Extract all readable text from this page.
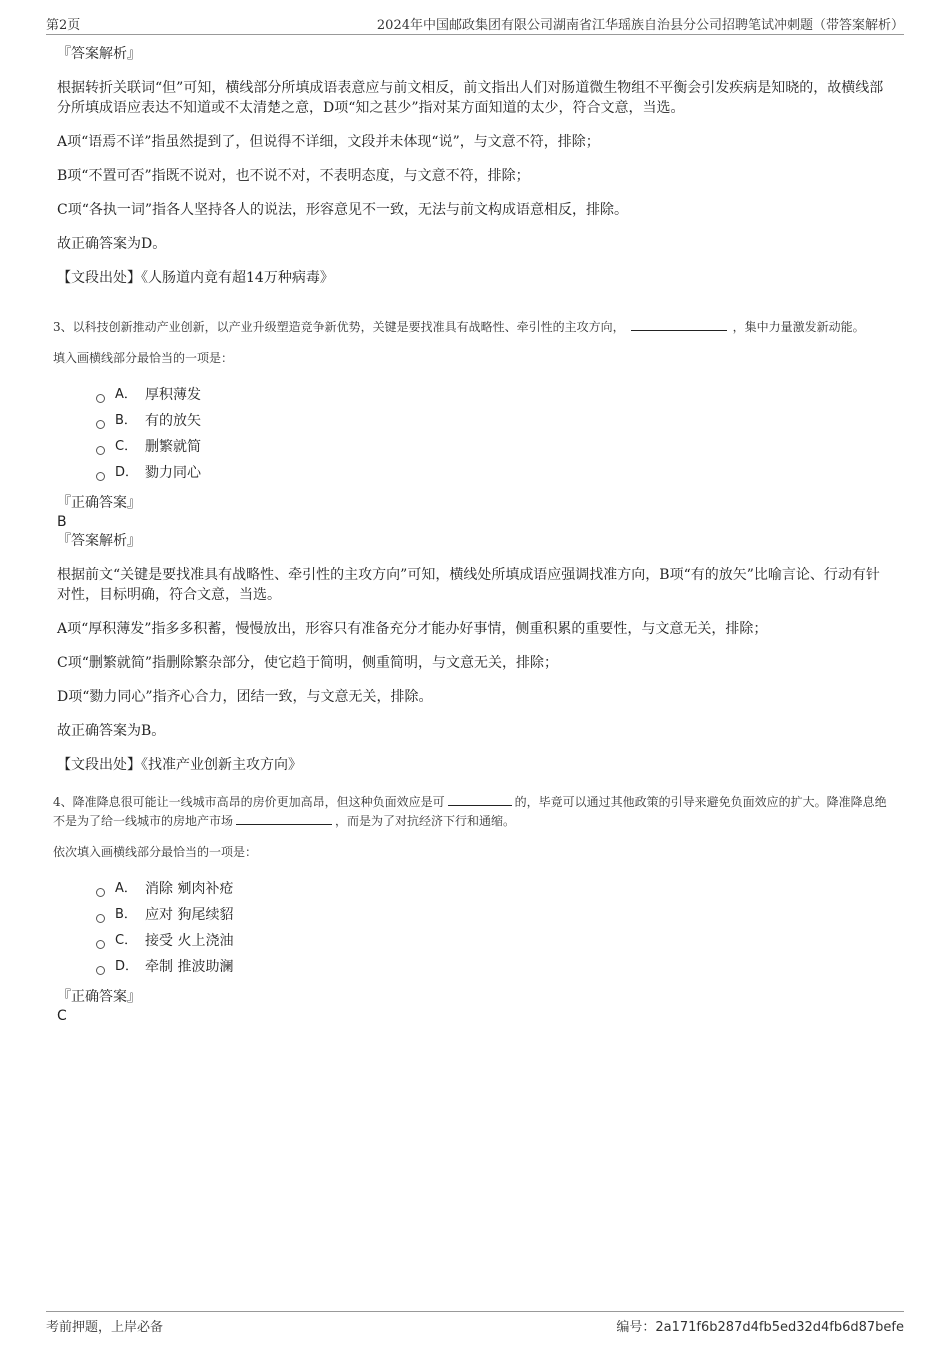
第2页	2024年中国邮政集团有限公司湖南省江华瑶族自治县分公司招聘笔试冲刺题（带答案解析）

『答案解析』

根据转折关联词“但”可知，横线部分所填成语表意应与前文相反，前文指出人们对肠道微生物组不平衡会引发疾病是知晓的，故横线部分所填成语应表达不知道或不太清楚之意，D项“知之甚少”指对某方面知道的太少，符合文意，当选。

A项“语焉不详”指虽然提到了，但说得不详细，文段并未体现“说”，与文意不符，排除；

B项“不置可否”指既不说对，也不说不对，不表明态度，与文意不符，排除；

C项“各执一词”指各人坚持各人的说法，形容意见不一致，无法与前文构成语意相反，排除。

故正确答案为D。

【文段出处】《人肠道内竟有超14万种病毒》

3、以科技创新推动产业创新，以产业升级塑造竞争新优势，关键是要找准具有战略性、牵引性的主攻方向，	，集中力量激发新动能。

填入画横线部分最恰当的一项是：

A． 厚积薄发
B． 有的放矢
C． 删繁就简
D． 勠力同心

『正确答案』

B

『答案解析』

根据前文“关键是要找准具有战略性、牵引性的主攻方向”可知，横线处所填成语应强调找准方向，B项“有的放矢”比喻言论、行动有针对性，目标明确，符合文意，当选。

A项“厚积薄发”指多多积蓄，慢慢放出，形容只有准备充分才能办好事情，侧重积累的重要性，与文意无关，排除；

C项“删繁就简”指删除繁杂部分，使它趋于简明，侧重简明，与文意无关，排除；

D项“勠力同心”指齐心合力，团结一致，与文意无关，排除。

故正确答案为B。

【文段出处】《找准产业创新主攻方向》

4、降准降息很可能让一线城市高昂的房价更加高昂，但这种负面效应是可	的，毕竟可以通过其他政策的引导来避免负面效应的扩大。降准降息绝不是为了给一线城市的房地产市场	，而是为了对抗经济下行和通缩。

依次填入画横线部分最恰当的一项是：

A． 消除 剜肉补疮
B． 应对 狗尾续貂
C． 接受 火上浇油
D． 牵制 推波助澜

『正确答案』

C

考前押题，上岸必备	编号：2a171f6b287d4fb5ed32d4fb6d87befe
